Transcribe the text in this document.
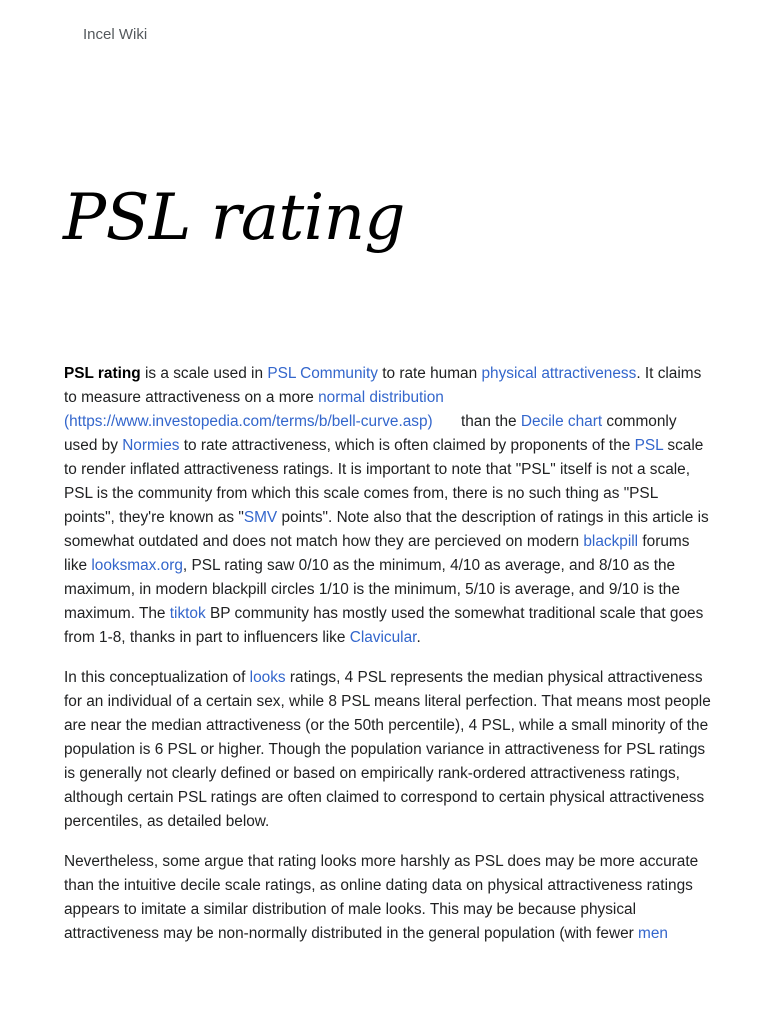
Incel Wiki
PSL rating

PSL rating is a scale used in PSL Community to rate human physical attractiveness. It claims to measure attractiveness on a more normal distribution (https://www.investopedia.com/terms/b/bell-curve.asp) than the Decile chart commonly used by Normies to rate attractiveness, which is often claimed by proponents of the PSL scale to render inflated attractiveness ratings. It is important to note that "PSL" itself is not a scale, PSL is the community from which this scale comes from, there is no such thing as "PSL points", they're known as "SMV points". Note also that the description of ratings in this article is somewhat outdated and does not match how they are percieved on modern blackpill forums like looksmax.org, PSL rating saw 0/10 as the minimum, 4/10 as average, and 8/10 as the maximum, in modern blackpill circles 1/10 is the minimum, 5/10 is average, and 9/10 is the maximum. The tiktok BP community has mostly used the somewhat traditional scale that goes from 1-8, thanks in part to influencers like Clavicular.

In this conceptualization of looks ratings, 4 PSL represents the median physical attractiveness for an individual of a certain sex, while 8 PSL means literal perfection. That means most people are near the median attractiveness (or the 50th percentile), 4 PSL, while a small minority of the population is 6 PSL or higher. Though the population variance in attractiveness for PSL ratings is generally not clearly defined or based on empirically rank-ordered attractiveness ratings, although certain PSL ratings are often claimed to correspond to certain physical attractiveness percentiles, as detailed below.

Nevertheless, some argue that rating looks more harshly as PSL does may be more accurate than the intuitive decile scale ratings, as online dating data on physical attractiveness ratings appears to imitate a similar distribution of male looks. This may be because physical attractiveness may be non-normally distributed in the general population (with fewer men
